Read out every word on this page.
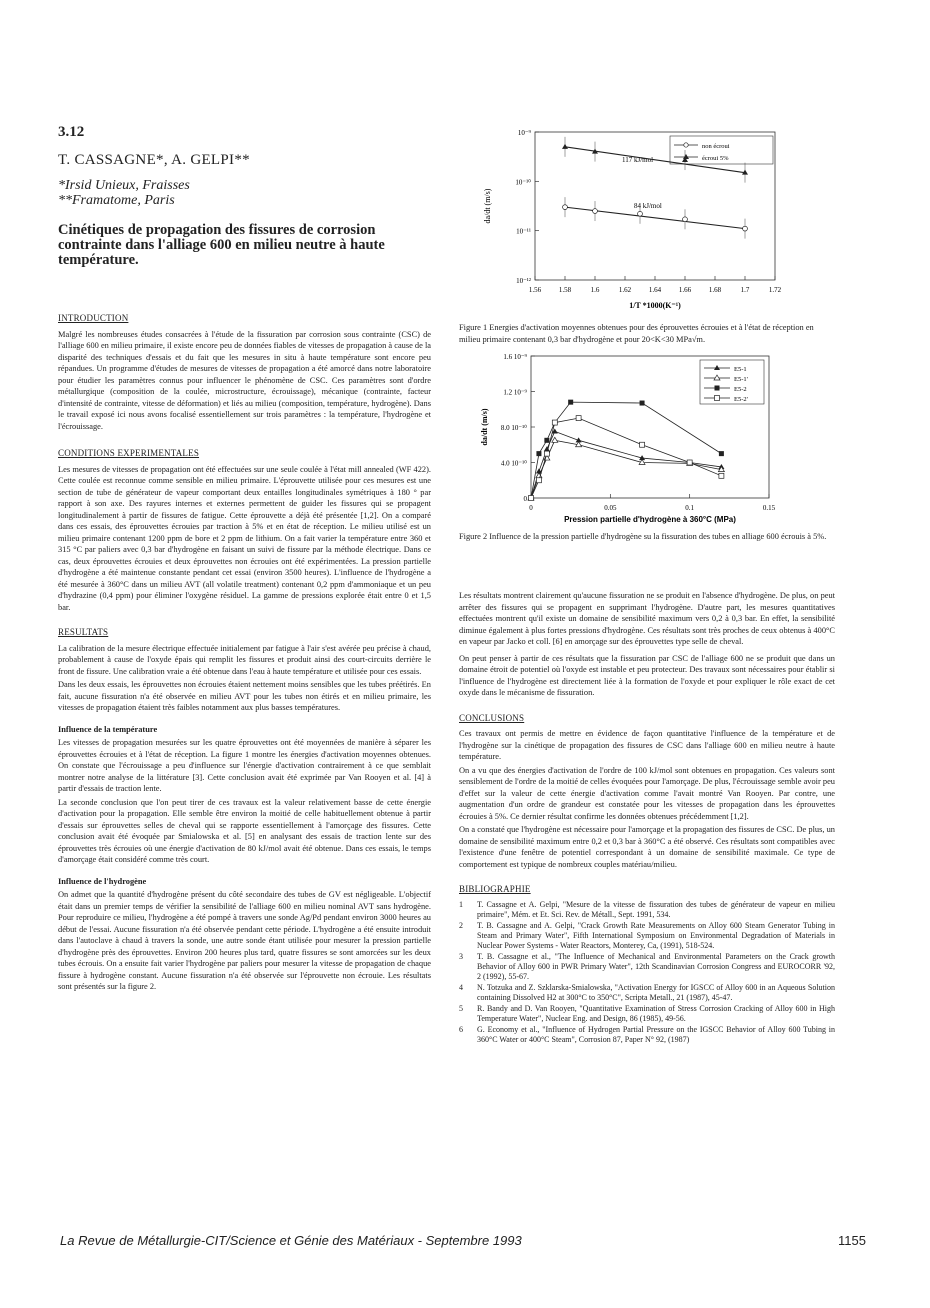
3.12
T. CASSAGNE*, A. GELPI**
*Irsid Unieux, Fraisses
**Framatome, Paris
Cinétiques de propagation des fissures de corrosion contrainte dans l'alliage 600 en milieu neutre à haute température.
INTRODUCTION

Malgré les nombreuses études consacrées à l'étude de la fissuration par corrosion sous contrainte (CSC) de l'alliage 600 en milieu primaire, il existe encore peu de données fiables de vitesses de propagation à cause de la disparité des techniques d'essais et du fait que les mesures in situ à haute température sont encore peu répandues. Un programme d'études de mesures de vitesses de propagation a été amorcé dans notre laboratoire pour étudier les paramètres connus pour influencer le phénomène de CSC. Ces paramètres sont d'ordre métallurgique (composition de la coulée, microstructure, écrouissage), mécanique (contrainte, facteur d'intensité de contrainte, vitesse de déformation) et liés au milieu (composition, température, hydrogène). Dans le travail exposé ici nous avons focalisé essentiellement sur trois paramètres : la température, l'hydrogène et l'écrouissage.

CONDITIONS EXPERIMENTALES

Les mesures de vitesses de propagation ont été effectuées sur une seule coulée à l'état mill annealed (WF 422). Cette coulée est reconnue comme sensible en milieu primaire. L'éprouvette utilisée pour ces mesures est une section de tube de générateur de vapeur comportant deux entailles longitudinales symétriques à 180 ° par rapport à son axe. Des rayures internes et externes permettent de guider les fissures qui se propagent longitudinalement à partir de fissures de fatigue. Cette éprouvette a déjà été présentée [1,2]. On a comparé dans ces essais, des éprouvettes écrouies par traction à 5% et en état de réception. Le milieu utilisé est un milieu primaire contenant 1200 ppm de bore et 2 ppm de lithium. On a fait varier la température entre 360 et 315 °C par paliers avec 0,3 bar d'hydrogène en faisant un suivi de fissure par la méthode électrique. Dans ce cas, deux éprouvettes écrouies et deux éprouvettes non écrouies ont été expérimentées. La pression partielle d'hydrogène a été maintenue constante pendant cet essai (environ 3500 heures). L'influence de l'hydrogène a été mesurée à 360°C dans un milieu AVT (all volatile treatment) contenant 0,2 ppm d'ammoniaque et un peu d'hydrazine (0,4 ppm) pour éliminer l'oxygène résiduel. La gamme de pressions explorée était entre 0 et 1,5 bar.

RESULTATS

La calibration de la mesure électrique effectuée initialement par fatigue à l'air s'est avérée peu précise à chaud, probablement à cause de l'oxyde épais qui remplit les fissures et produit ainsi des court-circuits derrière le front de fissure. Une calibration vraie a été obtenue dans l'eau à haute température et utilisée pour ces essais.

Dans les deux essais, les éprouvettes non écrouies étaient nettement moins sensibles que les tubes préétirés. En fait, aucune fissuration n'a été observée en milieu AVT pour les tubes non étirés et en milieu primaire, les vitesses de propagation étaient très faibles notamment aux plus basses températures.

Influence de la température

Les vitesses de propagation mesurées sur les quatre éprouvettes ont été moyennées de manière à séparer les éprouvettes écrouies et à l'état de réception. La figure 1 montre les énergies d'activation moyennes obtenues. On constate que l'écrouissage a peu d'influence sur l'énergie d'activation contrairement à ce que semblait montrer notre analyse de la littérature [3]. Cette conclusion avait été exprimée par Van Rooyen et al. [4] à partir d'essais de traction lente.

La seconde conclusion que l'on peut tirer de ces travaux est la valeur relativement basse de cette énergie d'activation pour la propagation. Elle semble être environ la moitié de celle habituellement obtenue à partir d'essais sur éprouvettes selles de cheval qui se rapporte essentiellement à l'amorçage des fissures. Cette conclusion avait été évoquée par Smialowska et al. [5] en analysant des essais de traction lente sur des éprouvettes très écrouies où une énergie d'activation de 80 kJ/mol avait été obtenue. Dans ces essais, le temps d'amorçage était considéré comme très court.

Influence de l'hydrogène

On admet que la quantité d'hydrogène présent du côté secondaire des tubes de GV est négligeable. L'objectif était dans un premier temps de vérifier la sensibilité de l'alliage 600 en milieu nominal AVT sans hydrogène. Pour reproduire ce milieu, l'hydrogène a été pompé à travers une sonde Ag/Pd pendant environ 3000 heures au début de l'essai. Aucune fissuration n'a été observée pendant cette période. L'hydrogène a été ensuite introduit dans l'autoclave à chaud à travers la sonde, une autre sonde étant utilisée pour mesurer la pression partielle d'hydrogène près des éprouvettes. Environ 200 heures plus tard, quatre fissures se sont amorcées sur les deux tubes écrouis. On a ensuite fait varier l'hydrogène par paliers pour mesurer la vitesse de propagation de chaque fissure à hydrogène constant. Aucune fissuration n'a été observée sur l'éprouvette non écrouie. Les résultats sont présentés sur la figure 2.

10⁻⁹
10⁻¹⁰
10⁻¹¹
10⁻¹²
1.56	1.58	1.6	1.62	1.64	1.66	1.68	1.7	1.72
da/dt (m/s)
1/T *1000(K⁻¹)
117 kJ/mol
84 kJ/mol
non écroui
écroui 5%
Figure 1 Energies d'activation moyennes obtenues pour des éprouvettes écrouies et à l'état de réception en milieu primaire contenant 0,3 bar d'hydrogène et pour 20<K<30 MPa√m.
1.6 10⁻⁹
1.2 10⁻⁹
8.0 10⁻¹⁰
4.0 10⁻¹⁰
0
0	0.05	0.1	0.15
da/dt (m/s)
Pression partielle d'hydrogène à 360°C (MPa)
E5-1
E5-1'
E5-2
E5-2'
Figure 2 Influence de la pression partielle d'hydrogène su la fissuration des tubes en alliage 600 écrouis à 5%.

Les résultats montrent clairement qu'aucune fissuration ne se produit en l'absence d'hydrogène. De plus, on peut arrêter des fissures qui se propagent en supprimant l'hydrogène. D'autre part, les mesures quantitatives effectuées montrent qu'il existe un domaine de sensibilité maximum vers 0,2 à 0,3 bar. En effet, la sensibilité diminue également à plus fortes pressions d'hydrogène. Ces résultats sont très proches de ceux obtenus à 400°C en vapeur par Jacko et coll. [6] en amorçage sur des éprouvettes type selle de cheval.

On peut penser à partir de ces résultats que la fissuration par CSC de l'alliage 600 ne se produit que dans un domaine étroit de potentiel où l'oxyde est instable et peu protecteur. Des travaux sont nécessaires pour établir si l'influence de l'hydrogène est directement liée à la formation de l'oxyde et pour expliquer le rôle exact de cet oxyde dans le mécanisme de fissuration.

CONCLUSIONS

Ces travaux ont permis de mettre en évidence de façon quantitative l'influence de la température et de l'hydrogène sur la cinétique de propagation des fissures de CSC dans l'alliage 600 en milieu neutre à haute température.

On a vu que des énergies d'activation de l'ordre de 100 kJ/mol sont obtenues en propagation. Ces valeurs sont sensiblement de l'ordre de la moitié de celles évoquées pour l'amorçage. De plus, l'écrouissage semble avoir peu d'effet sur la valeur de cette énergie d'activation comme l'avait montré Van Rooyen. Par contre, une augmentation d'un ordre de grandeur est constatée pour les vitesses de propagation dans les éprouvettes écrouies à 5%. Ce dernier résultat confirme les données obtenues précédemment [1,2].

On a constaté que l'hydrogène est nécessaire pour l'amorçage et la propagation des fissures de CSC. De plus, un domaine de sensibilité maximum entre 0,2 et 0,3 bar à 360°C a été observé. Ces résultats sont compatibles avec l'existence d'une fenêtre de potentiel correspondant à un domaine de sensibilité maximale. Ce type de comportement est typique de nombreux couples matériau/milieu.

BIBLIOGRAPHIE
1	T. Cassagne et A. Gelpi, "Mesure de la vitesse de fissuration des tubes de générateur de vapeur en milieu primaire", Mém. et Et. Sci. Rev. de Métall., Sept. 1991, 534.
2	T. B. Cassagne and A. Gelpi, "Crack Growth Rate Measurements on Alloy 600 Steam Generator Tubing in Steam and Primary Water", Fifth International Symposium on Environmental Degradation of Materials in Nuclear Power Systems - Water Reactors, Monterey, Ca, (1991), 518-524.
3	T. B. Cassagne et al., "The Influence of Mechanical and Environmental Parameters on the Crack growth Behavior of Alloy 600 in PWR Primary Water", 12th Scandinavian Corrosion Congress and EUROCORR '92, 2 (1992), 55-67.
4	N. Totzuka and Z. Szklarska-Smialowska, "Activation Energy for IGSCC of Alloy 600 in an Aqueous Solution containing Dissolved H2 at 300°C to 350°C", Scripta Metall., 21 (1987), 45-47.
5	R. Bandy and D. Van Rooyen, "Quantitative Examination of Stress Corrosion Cracking of Alloy 600 in High Temperature Water", Nuclear Eng. and Design, 86 (1985), 49-56.
6	G. Economy et al., "Influence of Hydrogen Partial Pressure on the IGSCC Behavior of Alloy 600 Tubing in 360°C Water or 400°C Steam", Corrosion 87, Paper N° 92, (1987)
La Revue de Métallurgie-CIT/Science et Génie des Matériaux - Septembre 1993	1155
